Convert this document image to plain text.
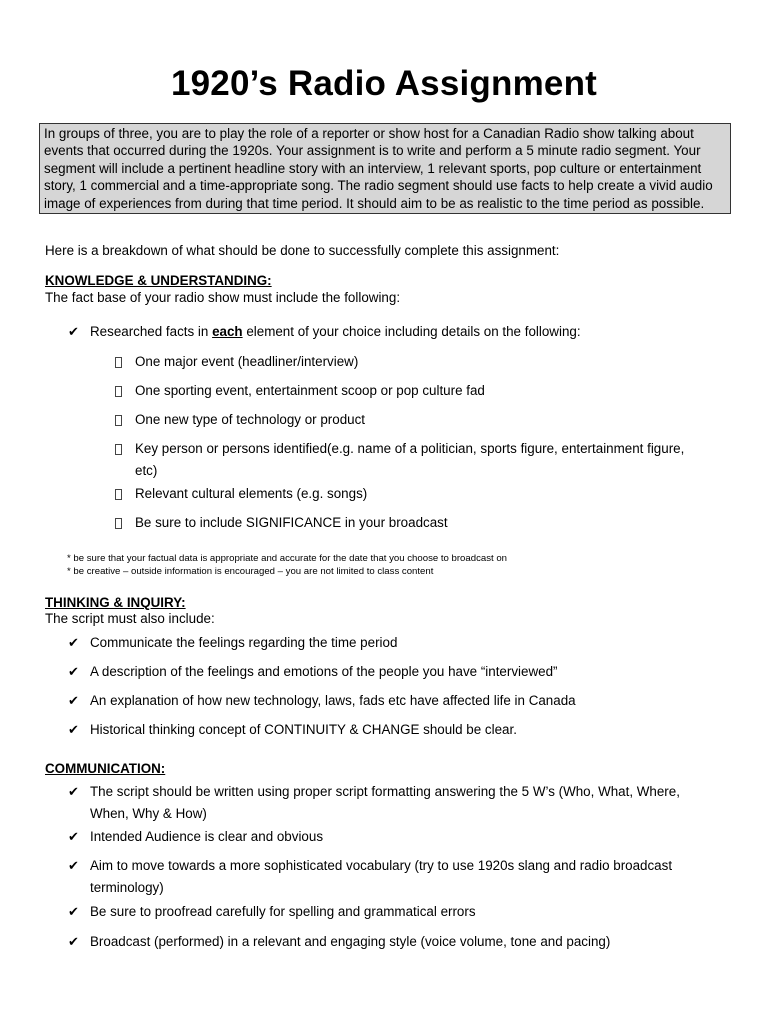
1920’s Radio Assignment
In groups of three, you are to play the role of a reporter or show host for a Canadian Radio show talking about events that occurred during the 1920s. Your assignment is to write and perform a 5 minute radio segment. Your segment will include a pertinent headline story with an interview, 1 relevant sports, pop culture or entertainment story, 1 commercial and a time-appropriate song. The radio segment should use facts to help create a vivid audio image of experiences from during that time period. It should aim to be as realistic to the time period as possible.
Here is a breakdown of what should be done to successfully complete this assignment:
KNOWLEDGE & UNDERSTANDING:
The fact base of your radio show must include the following:
✔ Researched facts in each element of your choice including details on the following:
One major event (headliner/interview)
One sporting event, entertainment scoop or pop culture fad
One new type of technology or product
Key person or persons identified(e.g. name of a politician, sports figure, entertainment figure, etc)
Relevant cultural elements (e.g. songs)
Be sure to include SIGNIFICANCE in your broadcast
* be sure that your factual data is appropriate and accurate for the date that you choose to broadcast on
* be creative – outside information is encouraged – you are not limited to class content
THINKING & INQUIRY:
The script must also include:
✔ Communicate the feelings regarding the time period
✔ A description of the feelings and emotions of the people you have “interviewed”
✔ An explanation of how new technology, laws, fads etc have affected life in Canada
✔ Historical thinking concept of CONTINUITY & CHANGE should be clear.
COMMUNICATION:
✔ The script should be written using proper script formatting answering the 5 W’s (Who, What, Where, When, Why & How)
✔ Intended Audience is clear and obvious
✔ Aim to move towards a more sophisticated vocabulary (try to use 1920s slang and radio broadcast terminology)
✔ Be sure to proofread carefully for spelling and grammatical errors
✔ Broadcast (performed) in a relevant and engaging style (voice volume, tone and pacing)
